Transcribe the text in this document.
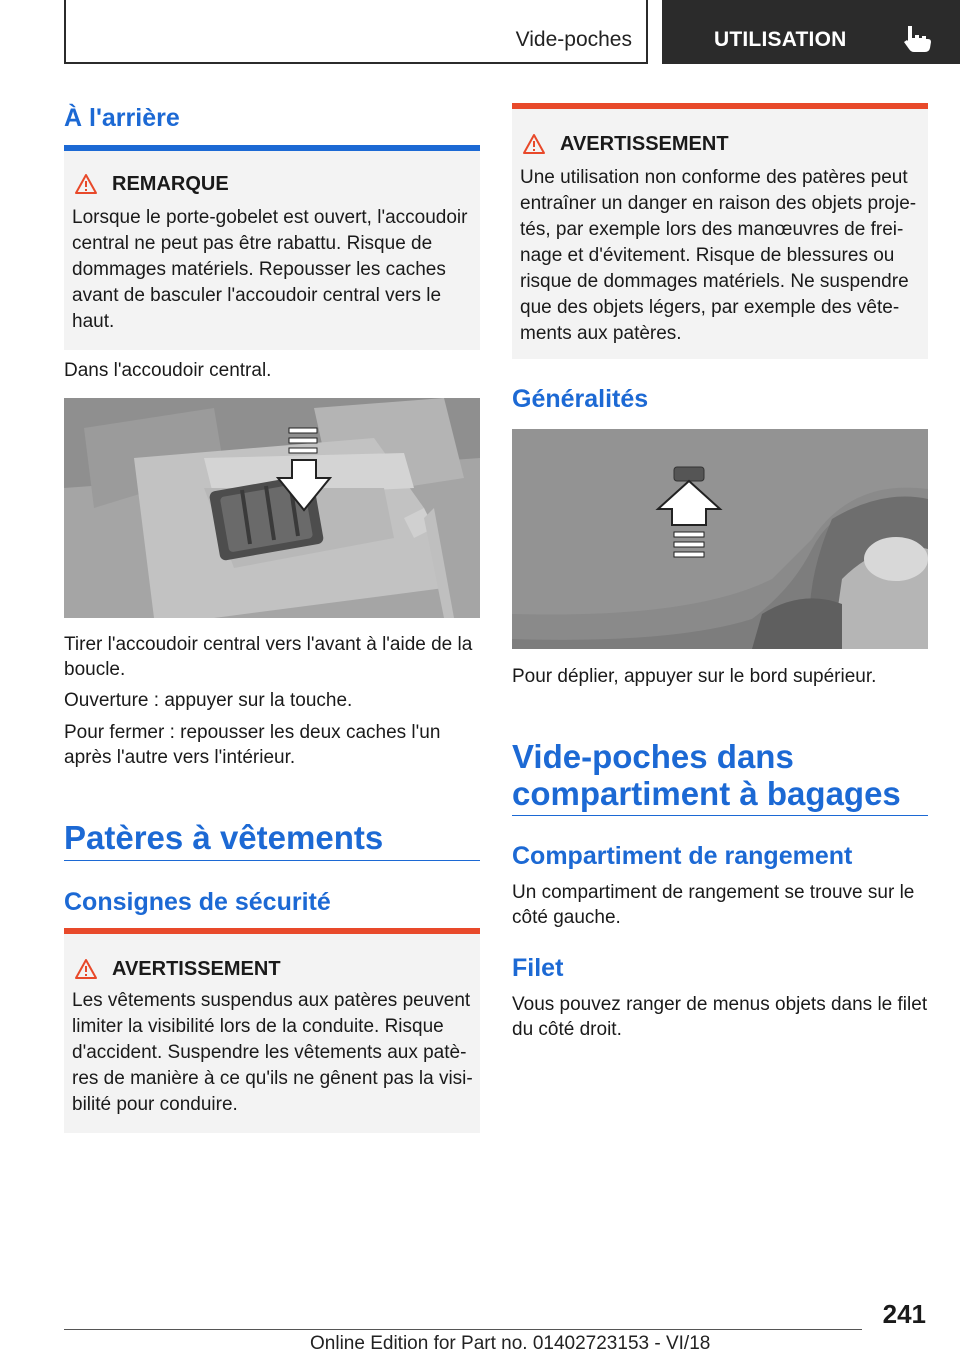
Vide-poches	UTILISATION
À l'arrière
REMARQUE
Lorsque le porte-gobelet est ouvert, l'accoudoir
central ne peut pas être rabattu. Risque de
dommages matériels. Repousser les caches
avant de basculer l'accoudoir central vers le
haut.

Dans l'accoudoir central.

Tirer l'accoudoir central vers l'avant à l'aide de la

boucle.

Ouverture : appuyer sur la touche.

Pour fermer : repousser les deux caches l'un

après l'autre vers l'intérieur.

Patères à vêtements
Consignes de sécurité
AVERTISSEMENT
Les vêtements suspendus aux patères peuvent
limiter la visibilité lors de la conduite. Risque
d'accident. Suspendre les vêtements aux patè-
res de manière à ce qu'ils ne gênent pas la visi-
bilité pour conduire.
AVERTISSEMENT
Une utilisation non conforme des patères peut
entraîner un danger en raison des objets proje-
tés, par exemple lors des manœuvres de frei-
nage et d'évitement. Risque de blessures ou
risque de dommages matériels. Ne suspendre
que des objets légers, par exemple des vête-
ments aux patères.
Généralités

Pour déplier, appuyer sur le bord supérieur.

Vide-poches dans
compartiment à bagages
Compartiment de rangement

Un compartiment de rangement se trouve sur le

côté gauche.

Filet

Vous pouvez ranger de menus objets dans le filet

du côté droit.

241
Online Edition for Part no. 01402723153 - VI/18
